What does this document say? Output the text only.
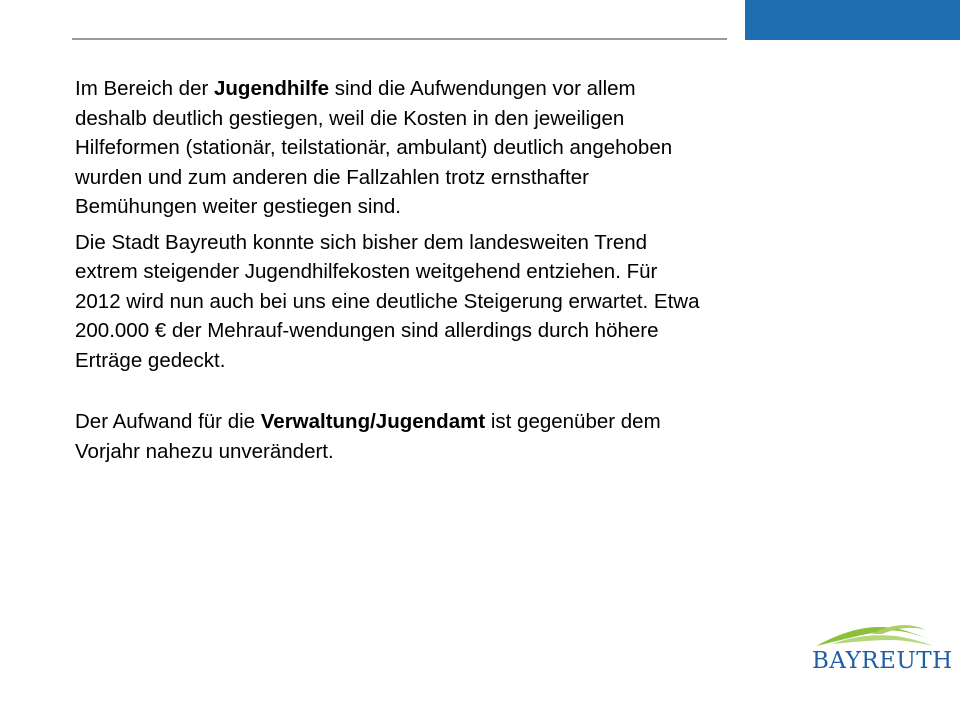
Im Bereich der Jugendhilfe sind die Aufwendungen vor allem deshalb deutlich gestiegen, weil die Kosten in den jeweiligen Hilfeformen (stationär, teilstationär, ambulant) deutlich angehoben wurden und zum anderen die Fallzahlen trotz ernsthafter Bemühungen weiter gestiegen sind.

Die Stadt Bayreuth konnte sich bisher dem landesweiten Trend extrem steigender Jugendhilfekosten weitgehend entziehen. Für 2012 wird nun auch bei uns eine deutliche Steigerung erwartet. Etwa 200.000 € der Mehrauf-wendungen sind allerdings durch höhere Erträge gedeckt.

Der Aufwand für die Verwaltung/Jugendamt ist gegenüber dem Vorjahr nahezu unverändert.

BAYREUTH
